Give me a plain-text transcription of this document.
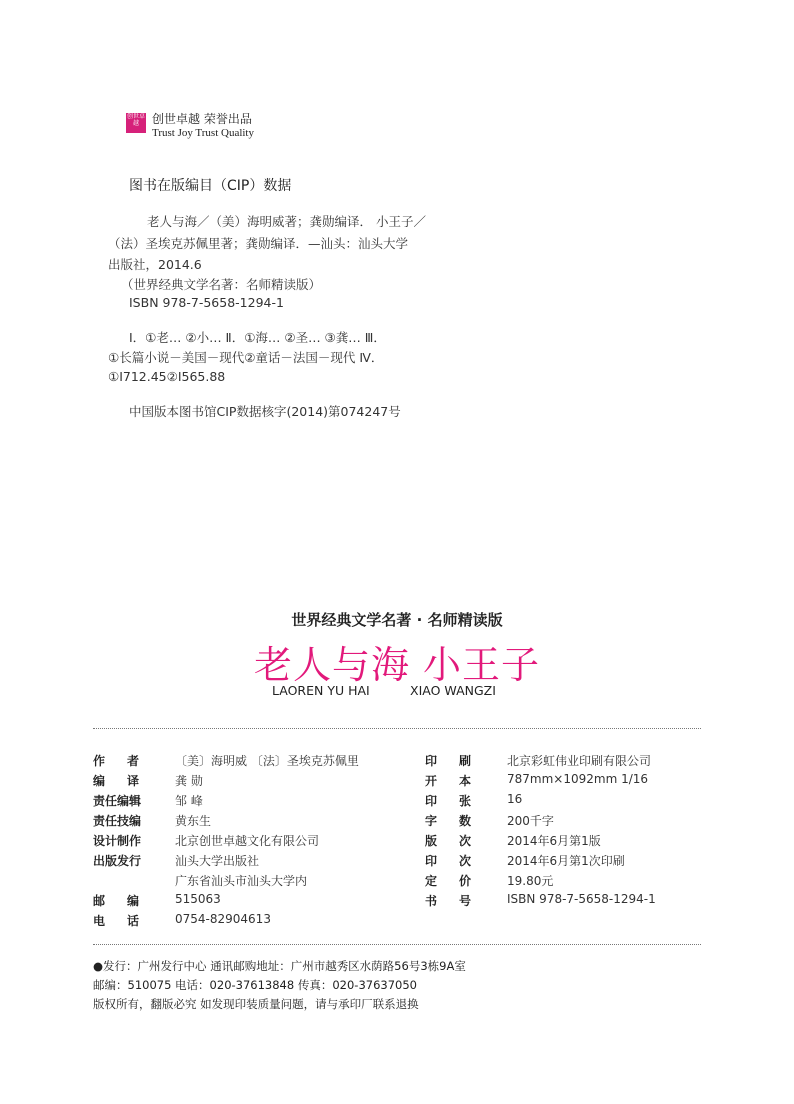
创世卓越	创世卓越 荣誉出品
Trust Joy Trust Quality
图书在版编目（CIP）数据
老人与海／（美）海明威著；龚勋编译． 小王子／
（法）圣埃克苏佩里著；龚勋编译．—汕头：汕头大学
出版社，2014.6
（世界经典文学名著：名师精读版）
ISBN 978-7-5658-1294-1
Ⅰ．①老… ②小… Ⅱ．①海… ②圣… ③龚… Ⅲ．
①长篇小说－美国－现代②童话－法国－现代 Ⅳ．
①I712.45②I565.88
中国版本图书馆CIP数据核字(2014)第074247号
世界经典文学名著 · 名师精读版
老人与海 小王子
LAOREN YU HAI	XIAO WANGZI
作者 〔美〕海明威 〔法〕圣埃克苏佩里
编译 龚 勋
责任编辑	邹 峰
责任技编	黄东生
设计制作	北京创世卓越文化有限公司
出版发行	汕头大学出版社
广东省汕头市汕头大学内
邮编 515063
电话 0754-82904613
印刷 北京彩虹伟业印刷有限公司
开本 787mm×1092mm 1/16
印张 16
字数 200千字
版次 2014年6月第1版
印次 2014年6月第1次印刷
定价 19.80元
书号 ISBN 978-7-5658-1294-1
●发行：广州发行中心 通讯邮购地址：广州市越秀区水荫路56号3栋9A室
邮编：510075 电话：020-37613848 传真：020-37637050
版权所有，翻版必究 如发现印装质量问题，请与承印厂联系退换
